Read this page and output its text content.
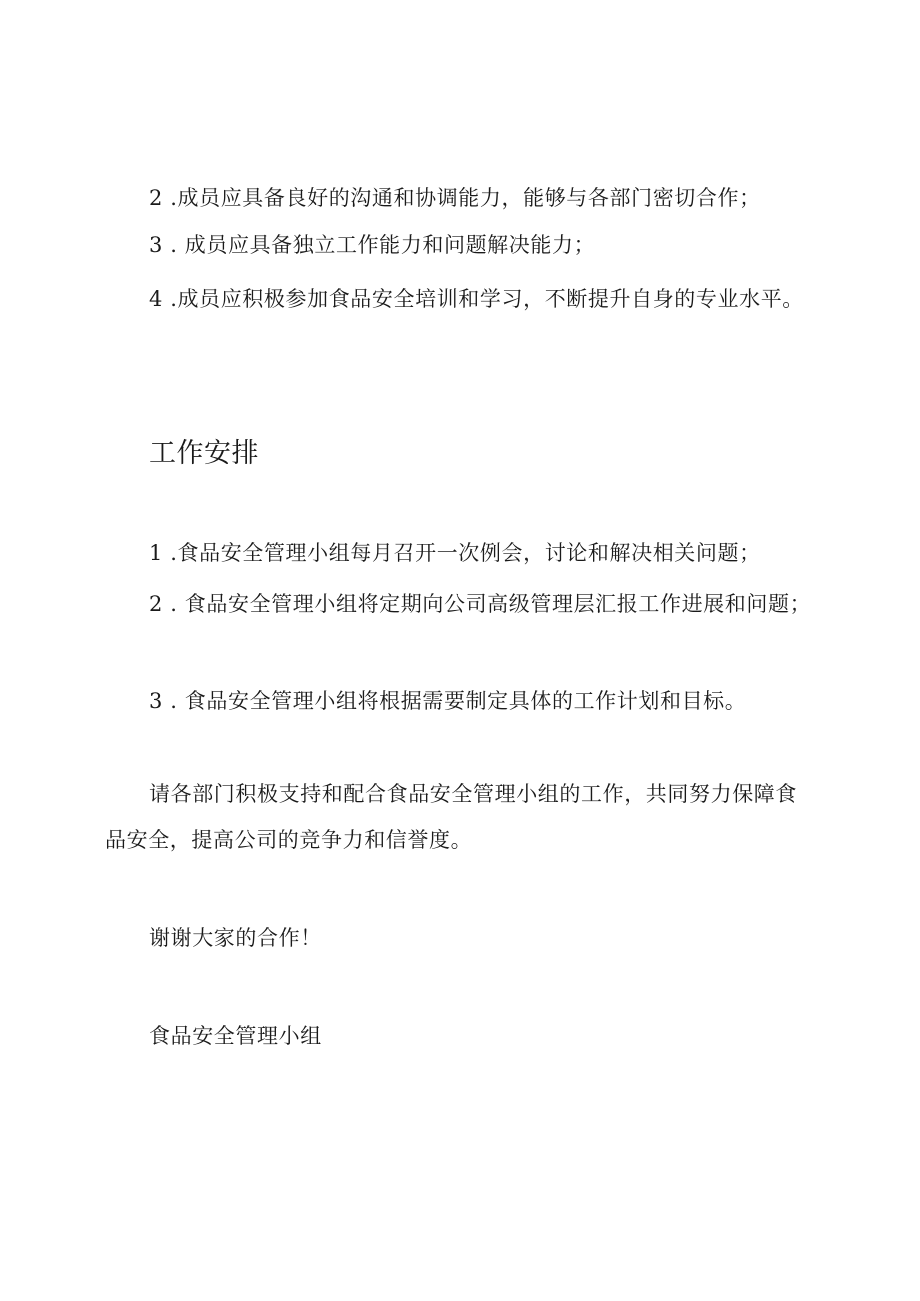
2 .成员应具备良好的沟通和协调能力，能够与各部门密切合作；

3 . 成员应具备独立工作能力和问题解决能力；

4 .成员应积极参加食品安全培训和学习，不断提升自身的专业水平。

工作安排

1 .食品安全管理小组每月召开一次例会，讨论和解决相关问题；

2 . 食品安全管理小组将定期向公司高级管理层汇报工作进展和问题；

3 . 食品安全管理小组将根据需要制定具体的工作计划和目标。

请各部门积极支持和配合食品安全管理小组的工作，共同努力保障食品安全，提高公司的竞争力和信誉度。

谢谢大家的合作！

食品安全管理小组
